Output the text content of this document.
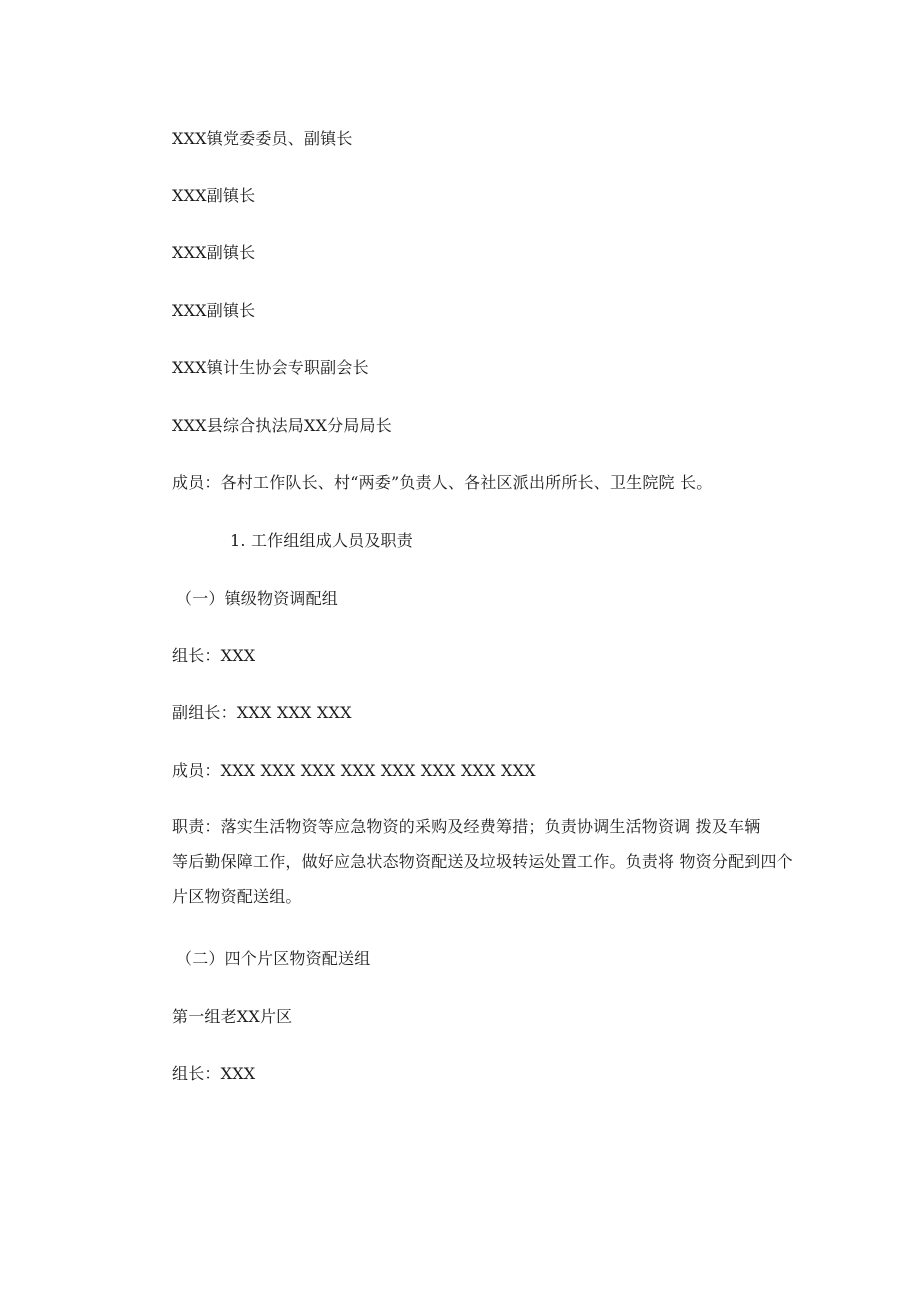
XXX镇党委委员、副镇长
XXX副镇长
XXX副镇长
XXX副镇长
XXX镇计生协会专职副会长
XXX县综合执法局XX分局局长
成员：各村工作队长、村“两委”负责人、各社区派出所所长、卫生院院 长。
1. 工作组组成人员及职责
（一）镇级物资调配组
组长：XXX
副组长：XXX XXX XXX
成员：XXX XXX XXX XXX XXX XXX XXX XXX
职责：落实生活物资等应急物资的采购及经费筹措；负责协调生活物资调 拨及车辆
等后勤保障工作，做好应急状态物资配送及垃圾转运处置工作。负责将 物资分配到四个
片区物资配送组。
（二）四个片区物资配送组
第一组老XX片区
组长：XXX
